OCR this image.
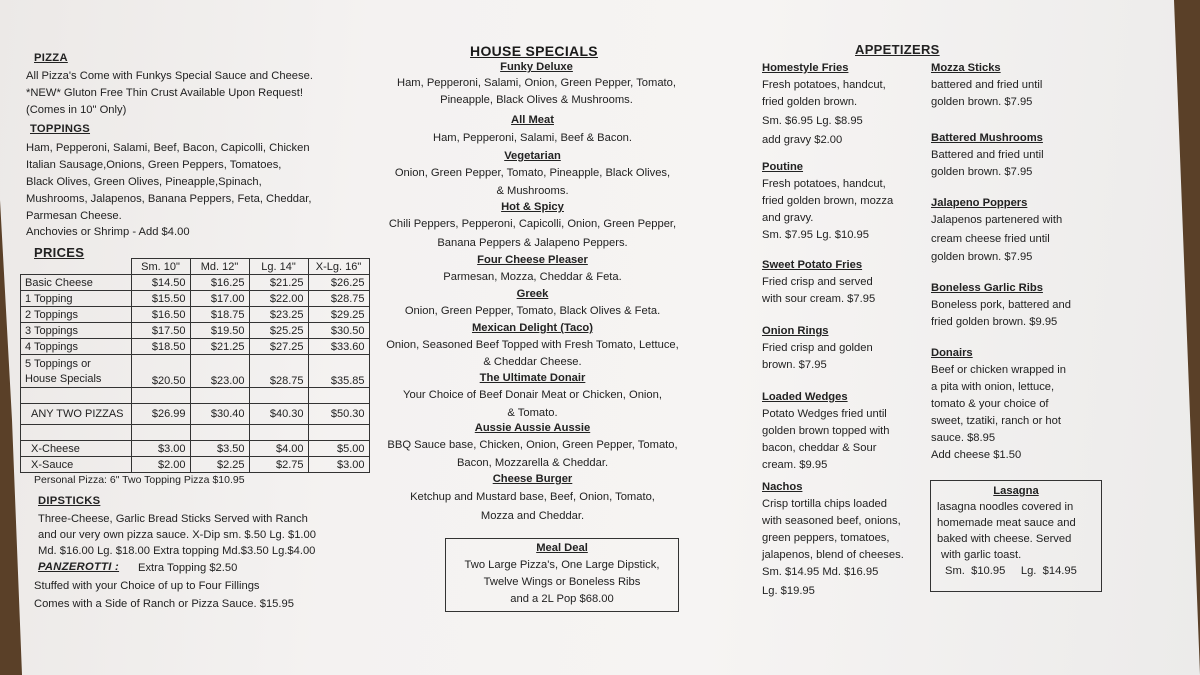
PIZZA
All Pizza's Come with Funkys Special Sauce and Cheese.
*NEW* Gluton Free Thin Crust Available Upon Request!
(Comes in 10" Only)
TOPPINGS
Ham, Pepperoni, Salami, Beef, Bacon, Capicolli, Chicken
Italian Sausage,Onions, Green Peppers, Tomatoes,
Black Olives, Green Olives, Pineapple,Spinach,
Mushrooms, Jalapenos, Banana Peppers, Feta, Cheddar,
Parmesan Cheese.
Anchovies or Shrimp - Add $4.00
PRICES
	Sm. 10"	Md. 12"	Lg. 14"	X-Lg. 16"
Basic Cheese	$14.50	$16.25	$21.25	$26.25
1 Topping	$15.50	$17.00	$22.00	$28.75
2 Toppings	$16.50	$18.75	$23.25	$29.25
3 Toppings	$17.50	$19.50	$25.25	$30.50
4 Toppings	$18.50	$21.25	$27.25	$33.60
5 Toppings or
House Specials	$20.50	$23.00	$28.75	$35.85

ANY TWO PIZZAS	$26.99	$30.40	$40.30	$50.30

X-Cheese	$3.00	$3.50	$4.00	$5.00
X-Sauce	$2.00	$2.25	$2.75	$3.00
Personal Pizza: 6" Two Topping Pizza $10.95
DIPSTICKS
Three-Cheese, Garlic Bread Sticks Served with Ranch
and our very own pizza sauce. X-Dip sm. $.50 Lg. $1.00
Md. $16.00 Lg. $18.00 Extra topping Md.$3.50 Lg.$4.00
PANZEROTTI : Extra Topping $2.50
Stuffed with your Choice of up to Four Fillings
Comes with a Side of Ranch or Pizza Sauce. $15.95
HOUSE SPECIALS
Funky Deluxe
Ham, Pepperoni, Salami, Onion, Green Pepper, Tomato,
Pineapple, Black Olives & Mushrooms.
All Meat
Ham, Pepperoni, Salami, Beef & Bacon.
Vegetarian
Onion, Green Pepper, Tomato, Pineapple, Black Olives,
& Mushrooms.
Hot & Spicy
Chili Peppers, Pepperoni, Capicolli, Onion, Green Pepper,
Banana Peppers & Jalapeno Peppers.
Four Cheese Pleaser
Parmesan, Mozza, Cheddar & Feta.
Greek
Onion, Green Pepper, Tomato, Black Olives & Feta.
Mexican Delight (Taco)
Onion, Seasoned Beef Topped with Fresh Tomato, Lettuce,
& Cheddar Cheese.
The Ultimate Donair
Your Choice of Beef Donair Meat or Chicken, Onion,
& Tomato.
Aussie Aussie Aussie
BBQ Sauce base, Chicken, Onion, Green Pepper, Tomato,
Bacon, Mozzarella & Cheddar.
Cheese Burger
Ketchup and Mustard base, Beef, Onion, Tomato,
Mozza and Cheddar.
Meal Deal
Two Large Pizza's, One Large Dipstick,
Twelve Wings or Boneless Ribs
and a 2L Pop $68.00
APPETIZERS
Homestyle Fries
Fresh potatoes, handcut,
fried golden brown.
Sm. $6.95 Lg. $8.95
add gravy $2.00
Poutine
Fresh potatoes, handcut,
fried golden brown, mozza
and gravy.
Sm. $7.95 Lg. $10.95
Sweet Potato Fries
Fried crisp and served
with sour cream. $7.95
Onion Rings
Fried crisp and golden
brown. $7.95
Loaded Wedges
Potato Wedges fried until
golden brown topped with
bacon, cheddar & Sour
cream. $9.95
Nachos
Crisp tortilla chips loaded
with seasoned beef, onions,
green peppers, tomatoes,
jalapenos, blend of cheeses.
Sm. $14.95 Md. $16.95
Lg. $19.95
Mozza Sticks
battered and fried until
golden brown. $7.95
Battered Mushrooms
Battered and fried until
golden brown. $7.95
Jalapeno Poppers
Jalapenos partenered with
cream cheese fried until
golden brown. $7.95
Boneless Garlic Ribs
Boneless pork, battered and
fried golden brown. $9.95
Donairs
Beef or chicken wrapped in
a pita with onion, lettuce,
tomato & your choice of
sweet, tzatiki, ranch or hot
sauce. $8.95
Add cheese $1.50
Lasagna
lasagna noodles covered in
homemade meat sauce and
baked with cheese. Served
with garlic toast.
Sm.  $10.95     Lg.  $14.95
